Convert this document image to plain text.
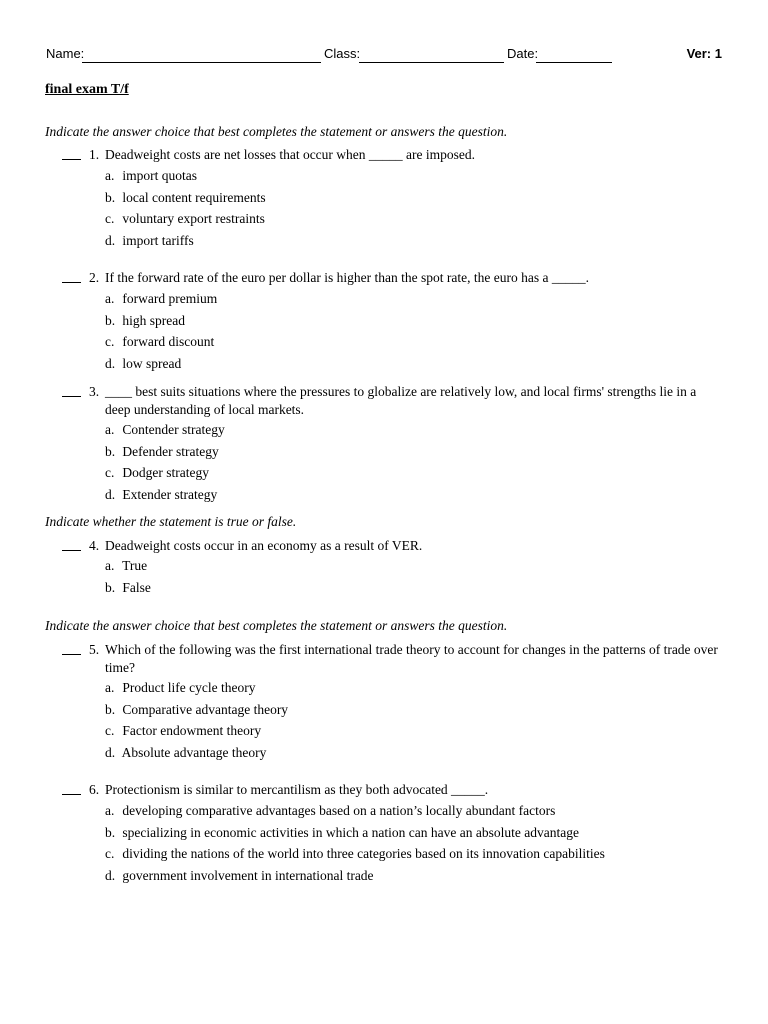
Name:	Class:	Date:	Ver: 1
final exam T/f
Indicate the answer choice that best completes the statement or answers the question.
1. Deadweight costs are net losses that occur when _____ are imposed.
a. import quotas
b. local content requirements
c. voluntary export restraints
d. import tariffs
2. If the forward rate of the euro per dollar is higher than the spot rate, the euro has a _____.
a. forward premium
b. high spread
c. forward discount
d. low spread
3. ____ best suits situations where the pressures to globalize are relatively low, and local firms' strengths lie in a deep understanding of local markets.
a. Contender strategy
b. Defender strategy
c. Dodger strategy
d. Extender strategy
Indicate whether the statement is true or false.
4. Deadweight costs occur in an economy as a result of VER.
a. True
b. False
Indicate the answer choice that best completes the statement or answers the question.
5. Which of the following was the first international trade theory to account for changes in the patterns of trade over time?
a. Product life cycle theory
b. Comparative advantage theory
c. Factor endowment theory
d. Absolute advantage theory
6. Protectionism is similar to mercantilism as they both advocated _____.
a. developing comparative advantages based on a nation’s locally abundant factors
b. specializing in economic activities in which a nation can have an absolute advantage
c. dividing the nations of the world into three categories based on its innovation capabilities
d. government involvement in international trade
